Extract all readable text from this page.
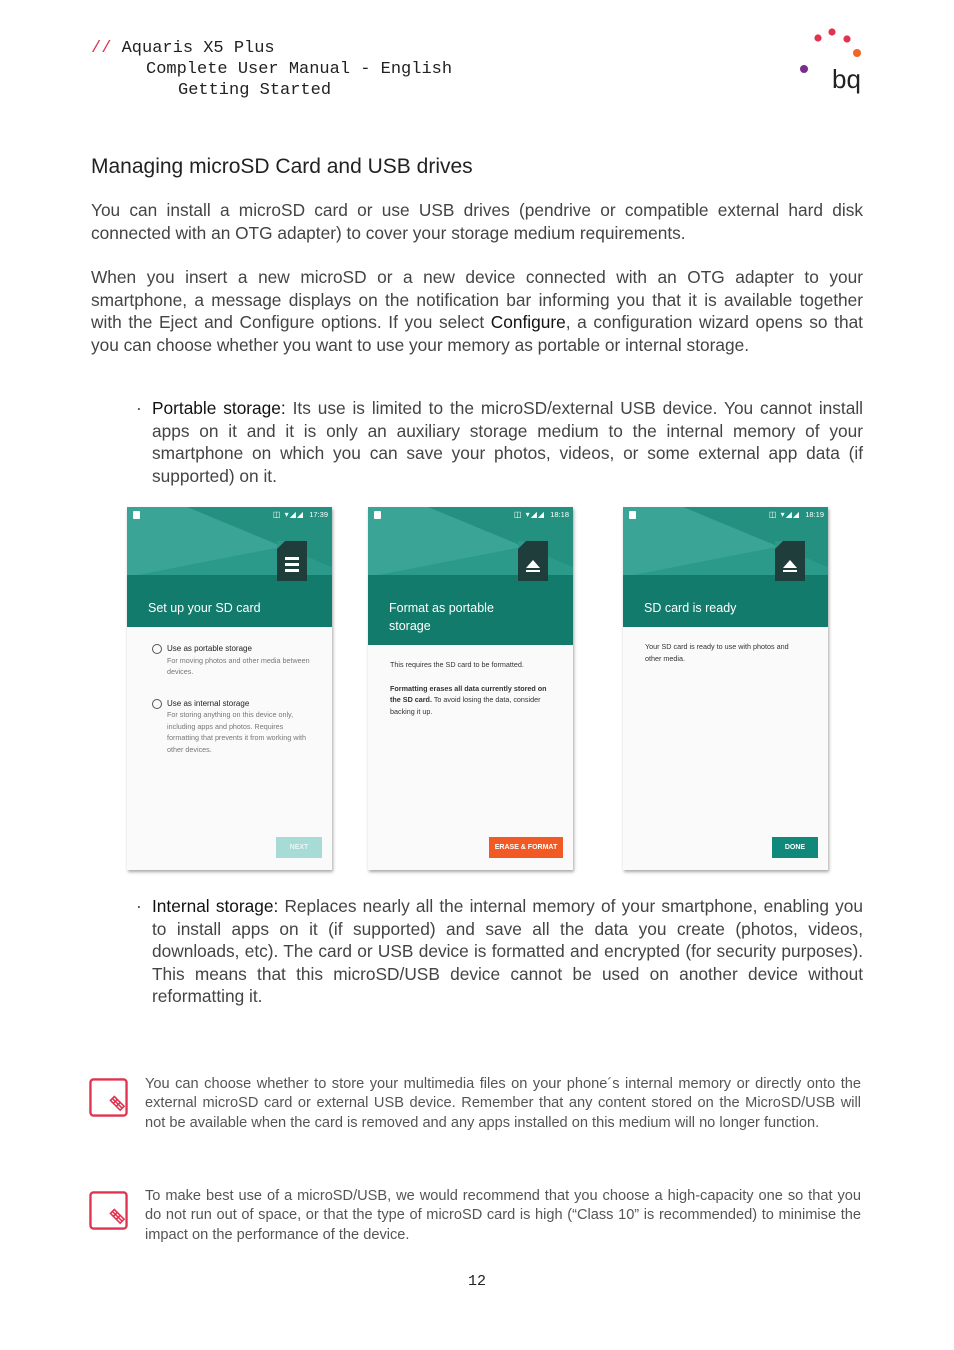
// Aquaris X5 Plus
Complete User Manual - English
Getting Started	bq
Managing microSD Card and USB drives
You can install a microSD card or use USB drives (pendrive or compatible external hard disk connected with an OTG adapter) to cover your storage medium requirements.
When you insert a new microSD or a new device connected with an OTG adapter to your smartphone, a message displays on the notification bar informing you that it is available together with the Eject and Configure options. If you select Configure, a configuration wizard opens so that you can choose whether you want to use your memory as portable or internal storage.
· Portable storage: Its use is limited to the microSD/external USB device. You cannot install apps on it and it is only an auxiliary storage medium to the internal memory of your smartphone on which you can save your photos, videos, or some external app data (if supported) on it.
◫ ▾◢◢ 17:39
Set up your SD card
Use as portable storage
For moving photos and other media between devices.
Use as internal storage
For storing anything on this device only, including apps and photos. Requires formatting that prevents it from working with other devices.
NEXT
◫ ▾◢◢ 18:18
Format as portable
storage
This requires the SD card to be formatted.
Formatting erases all data currently stored on the SD card. To avoid losing the data, consider backing it up.
ERASE & FORMAT
◫ ▾◢◢ 18:19
SD card is ready
Your SD card is ready to use with photos and other media.
DONE
· Internal storage: Replaces nearly all the internal memory of your smartphone, enabling you to install apps on it (if supported) and save all the data you create (photos, videos, downloads, etc). The card or USB device is formatted and encrypted (for security purposes). This means that this microSD/USB device cannot be used on another device without reformatting it.
You can choose whether to store your multimedia files on your phone´s internal memory or directly onto the external microSD card or external USB device. Remember that any content stored on the MicroSD/USB will not be available when the card is removed and any apps installed on this medium will no longer function.
To make best use of a microSD/USB, we would recommend that you choose a high-capacity one so that you do not run out of space, or that the type of microSD card is high (“Class 10” is recommended) to minimise the impact on the performance of the device.
12
